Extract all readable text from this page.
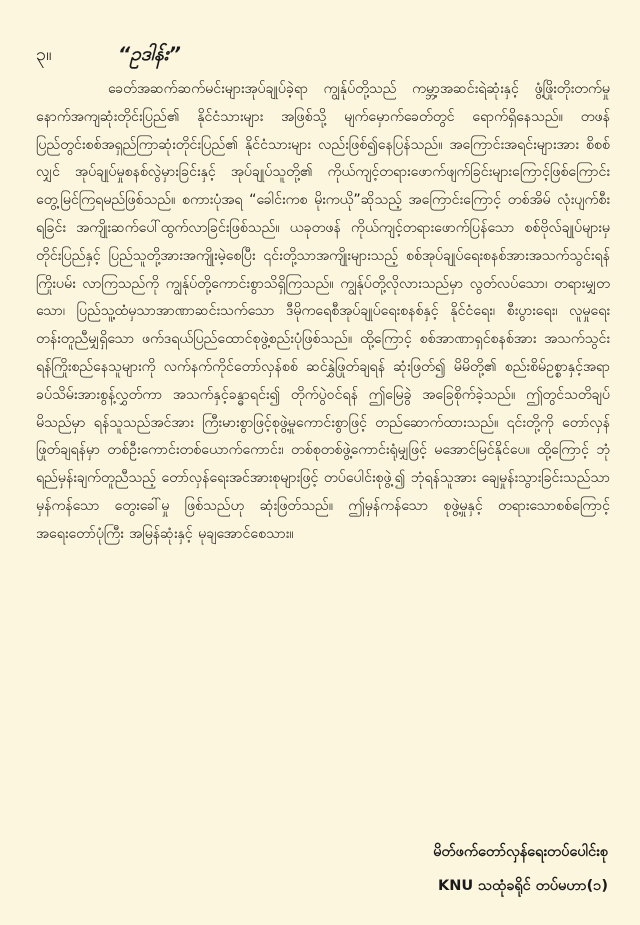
၃။	“ဥဒါန်း”

ခေတ်အဆက်ဆက်မင်းများအုပ်ချုပ်ခဲ့ရာ ကျွန်ုပ်တို့သည် ကမ္ဘာ့အဆင်းရဲဆုံးနှင့် ဖွံ့ဖြိုးတိုးတက်မှုနောက်အကျဆုံးတိုင်းပြည်၏ နိုင်ငံသားများ အဖြစ်သို့ မျက်မှောက်ခေတ်တွင် ရောက်ရှိနေသည်။ တဖန် ပြည်တွင်းစစ်အရှည်ကြာဆုံးတိုင်းပြည်၏ နိုင်ငံသားများ လည်းဖြစ်၍နေပြန်သည်။ အကြောင်းအရင်းများအား စိစစ်လျှင် အုပ်ချုပ်မှုစနစ်လွဲမှားခြင်းနှင့် အုပ်ချုပ်သူတို့၏ ကိုယ်ကျင့်တရားဖောက်ဖျက်ခြင်းများကြောင့်ဖြစ်ကြောင်း တွေ့မြင်ကြရမည်ဖြစ်သည်။ စကားပုံအရ “ခေါင်းကစ မိုးကယို”ဆိုသည့် အကြောင်းကြောင့် တစ်အိမ် လုံးပျက်စီးရခြင်း အကျိုးဆက်ပေါ်ထွက်လာခြင်းဖြစ်သည်။ ယခုတဖန် ကိုယ်ကျင့်တရားဖောက်ပြန်သော စစ်ဗိုလ်ချုပ်များမှ တိုင်းပြည်နှင့် ပြည်သူတို့အားအကျိုးမဲ့စေပြီး ၎င်းတို့သာအကျိုးများသည့် စစ်အုပ်ချုပ်ရေးစနစ်အားအသက်သွင်းရန် ကြိုးပမ်း လာကြသည်ကို ကျွန်ုပ်တို့ကောင်းစွာသိရှိကြသည်။ ကျွန်ုပ်တို့လိုလားသည်မှာ လွတ်လပ်သော၊ တရားမျှတသော၊ ပြည်သူ့ထံမှသာအာဏာဆင်းသက်သော ဒီမိုကရေစီအုပ်ချုပ်ရေးစနစ်နှင့် နိုင်ငံရေး၊ စီးပွားရေး၊ လူမှုရေး တန်းတူညီမျှရှိသော ဖက်ဒရယ်ပြည်ထောင်စုဖွဲ့စည်းပုံဖြစ်သည်။ ထို့ကြောင့် စစ်အာဏာရှင်စနစ်အား အသက်သွင်းရန်ကြိုးစည်နေသူများကို လက်နက်ကိုင်တော်လှန်စစ် ဆင်နွှဲဖြုတ်ချရန် ဆုံးဖြတ်၍ မိမိတို့၏ စည်းစိမ်ဥစ္စာနှင့်အရာခပ်သိမ်းအားစွန့်လွှတ်ကာ အသက်နှင့်ခန္ဓာရင်း၍ တိုက်ပွဲဝင်ရန် ဤမြေခွဲ အခြေစိုက်ခဲ့သည်။ ဤတွင်သတိချပ်မိသည်မှာ ရန်သူသည်အင်အား ကြီးမားစွာဖြင့်စုဖွဲ့မှုကောင်းစွာဖြင့် တည်ဆောက်ထားသည်။ ၎င်းတို့ကို တော်လှန်ဖြုတ်ချရန်မှာ တစ်ဦးကောင်းတစ်ယောက်ကောင်း၊ တစ်စုတစ်ဖွဲ့ကောင်းရုံမျှဖြင့် မအောင်မြင်နိုင်ပေ။ ထို့ကြောင့် ဘုံရည်မှန်းချက်တူညီသည့် တော်လှန်ရေးအင်အားစုများဖြင့် တပ်ပေါင်းစုဖွဲ့၍ ဘုံရန်သူအား ချေမှုန်းသွားခြင်းသည်သာ မှန်ကန်သော တွေးခေါ်မှု ဖြစ်သည်ဟု ဆုံးဖြတ်သည်။ ဤမှန်ကန်သော စုဖွဲ့မှုနှင့် တရားသောစစ်ကြောင့် အရေးတော်ပုံကြီး အမြန်ဆုံးနှင့် မုချအောင်စေသား။

မိတ်ဖက်တော်လှန်ရေးတပ်ပေါင်းစု
KNU သထုံခရိုင် တပ်မဟာ(၁)
